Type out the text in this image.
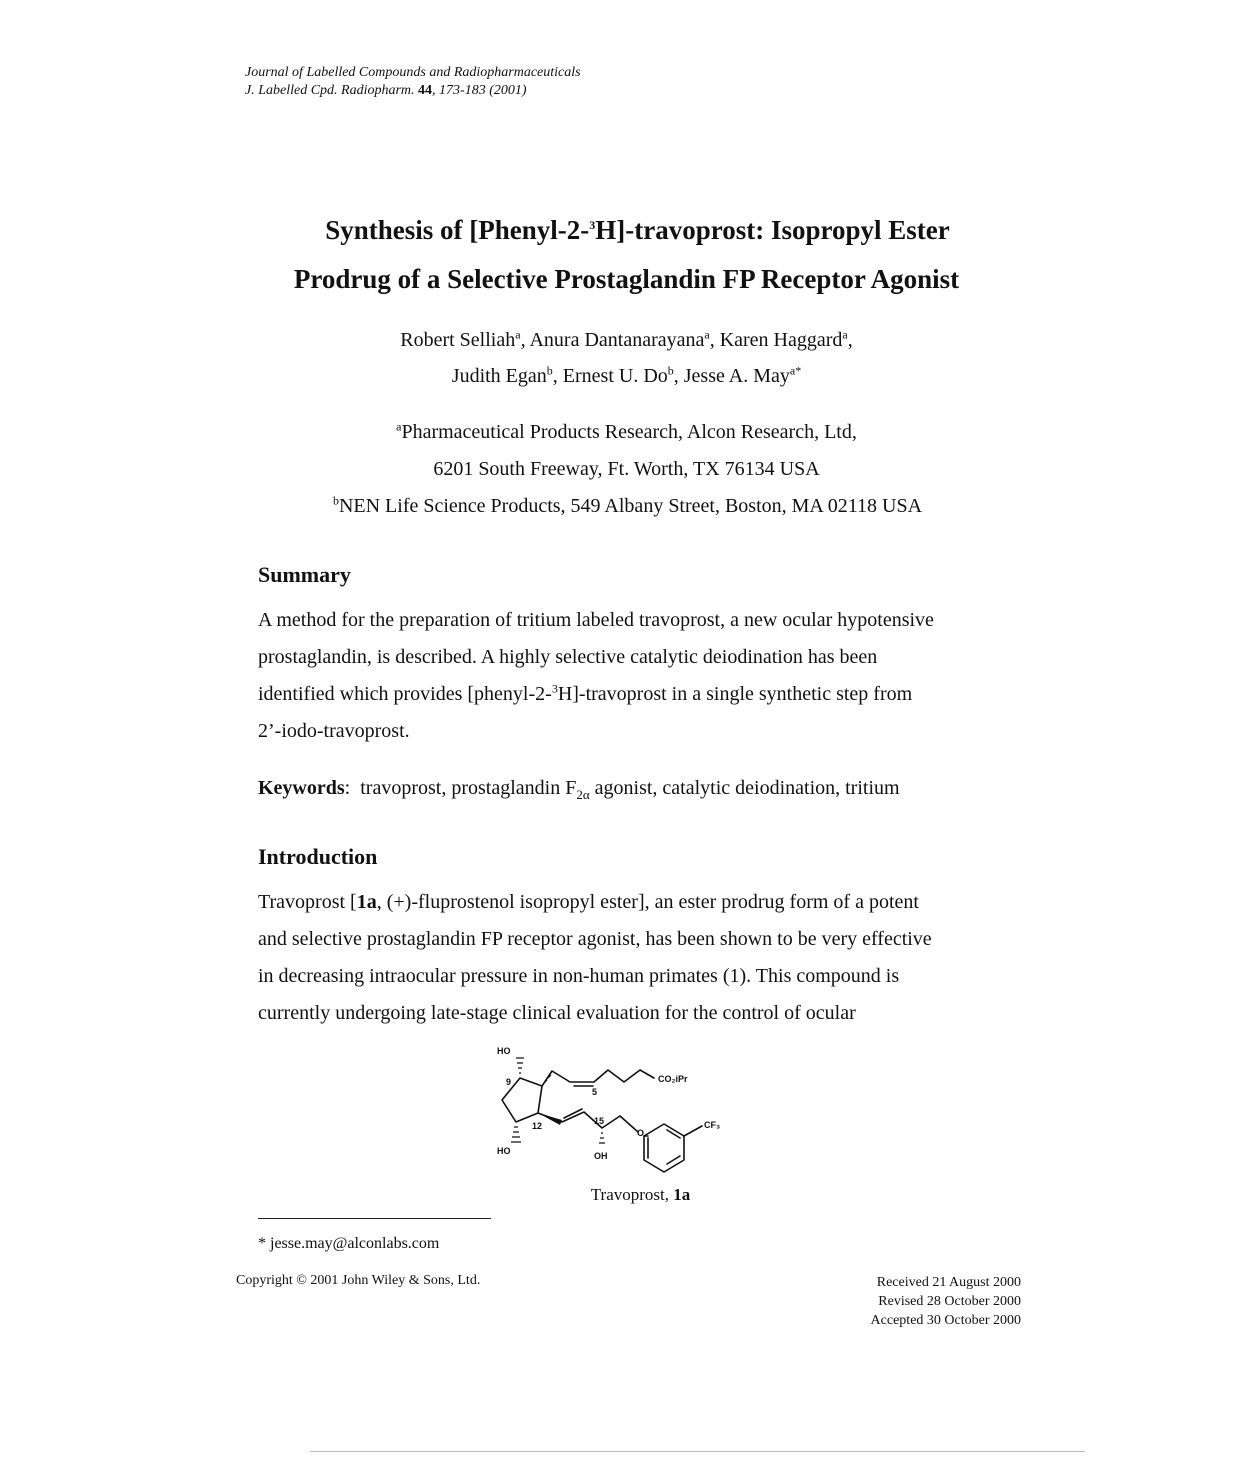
Journal of Labelled Compounds and Radiopharmaceuticals
J. Labelled Cpd. Radiopharm. 44, 173-183 (2001)
Synthesis of [Phenyl-2-$^3$H]-travoprost: Isopropyl Ester
Prodrug of a Selective Prostaglandin FP Receptor Agonist
Robert Selliah$^a$, Anura Dantanarayana$^a$, Karen Haggard$^a$,
Judith Egan$^b$, Ernest U. Do$^b$, Jesse A. May$^{a*}$
$^a$Pharmaceutical Products Research, Alcon Research, Ltd,
6201 South Freeway, Ft. Worth, TX 76134 USA
$^b$NEN Life Science Products, 549 Albany Street, Boston, MA 02118 USA
Summary
A method for the preparation of tritium labeled travoprost, a new ocular hypotensive
prostaglandin, is described. A highly selective catalytic deiodination has been
identified which provides [phenyl-2-$^3$H]-travoprost in a single synthetic step from
2’-iodo-travoprost.
Keywords: travoprost, prostaglandin $F_{2\alpha}$ agonist, catalytic deiodination, tritium
Introduction
Travoprost [1a, (+)-fluprostenol isopropyl ester], an ester prodrug form of a potent
and selective prostaglandin FP receptor agonist, has been shown to be very effective
in decreasing intraocular pressure in non-human primates (1). This compound is
currently undergoing late-stage clinical evaluation for the control of ocular
HO
9
5
CO₂iPr
12	15
O
CF₃
HO	OH
Travoprost, 1a
* jesse.may@alconlabs.com
Copyright © 2001 John Wiley & Sons, Ltd.	Received 21 August 2000
Revised 28 October 2000
Accepted 30 October 2000
